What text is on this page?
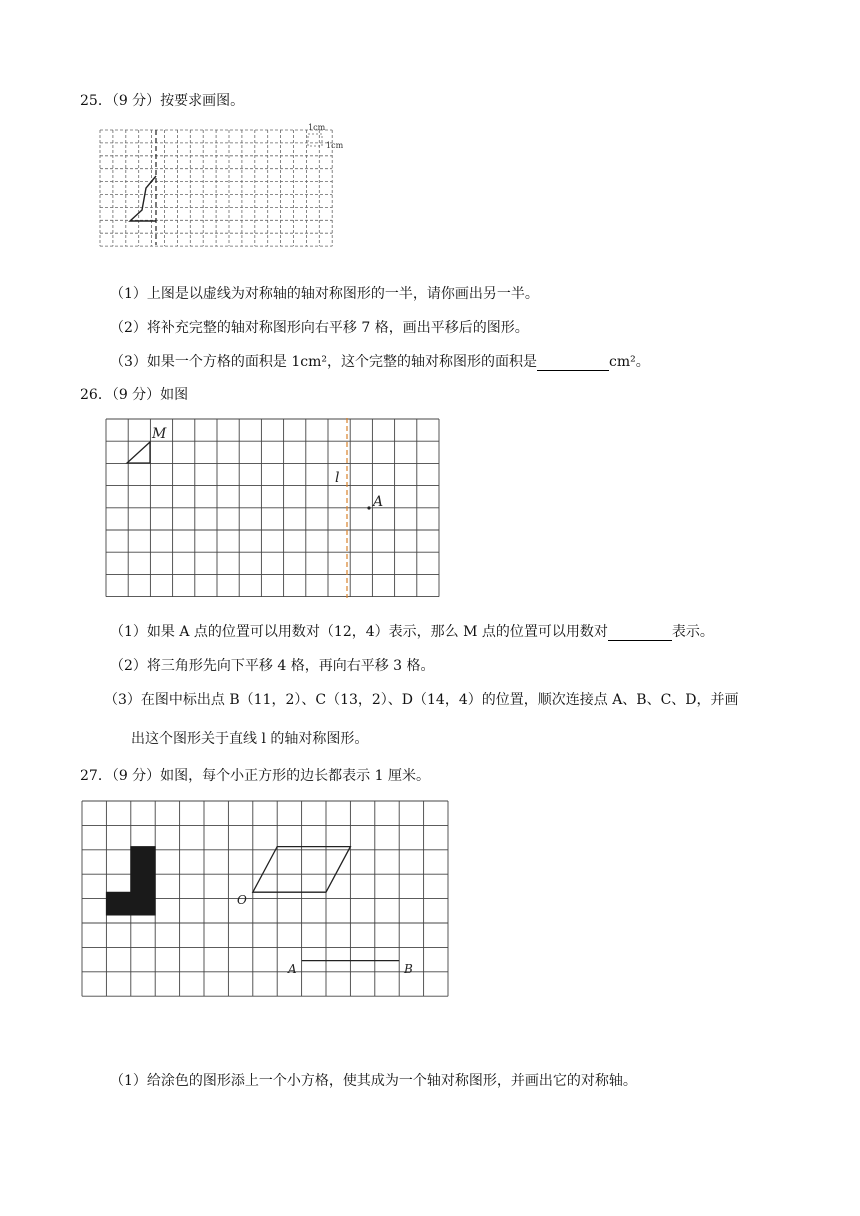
25．（9 分）按要求画图。
1cm
1cm
（1）上图是以虚线为对称轴的轴对称图形的一半，请你画出另一半。
（2）将补充完整的轴对称图形向右平移 7 格，画出平移后的图形。
（3）如果一个方格的面积是 1cm²，这个完整的轴对称图形的面积是	cm²。
26．（9 分）如图
M
l
A
（1）如果 A 点的位置可以用数对（12，4）表示，那么 M 点的位置可以用数对	表示。
（2）将三角形先向下平移 4 格，再向右平移 3 格。
（3）在图中标出点 B（11，2）、C（13，2）、D（14，4）的位置，顺次连接点 A、B、C、D，并画
出这个图形关于直线 l 的轴对称图形。
27．（9 分）如图，每个小正方形的边长都表示 1 厘米。
O
A	B
（1）给涂色的图形添上一个小方格，使其成为一个轴对称图形，并画出它的对称轴。
